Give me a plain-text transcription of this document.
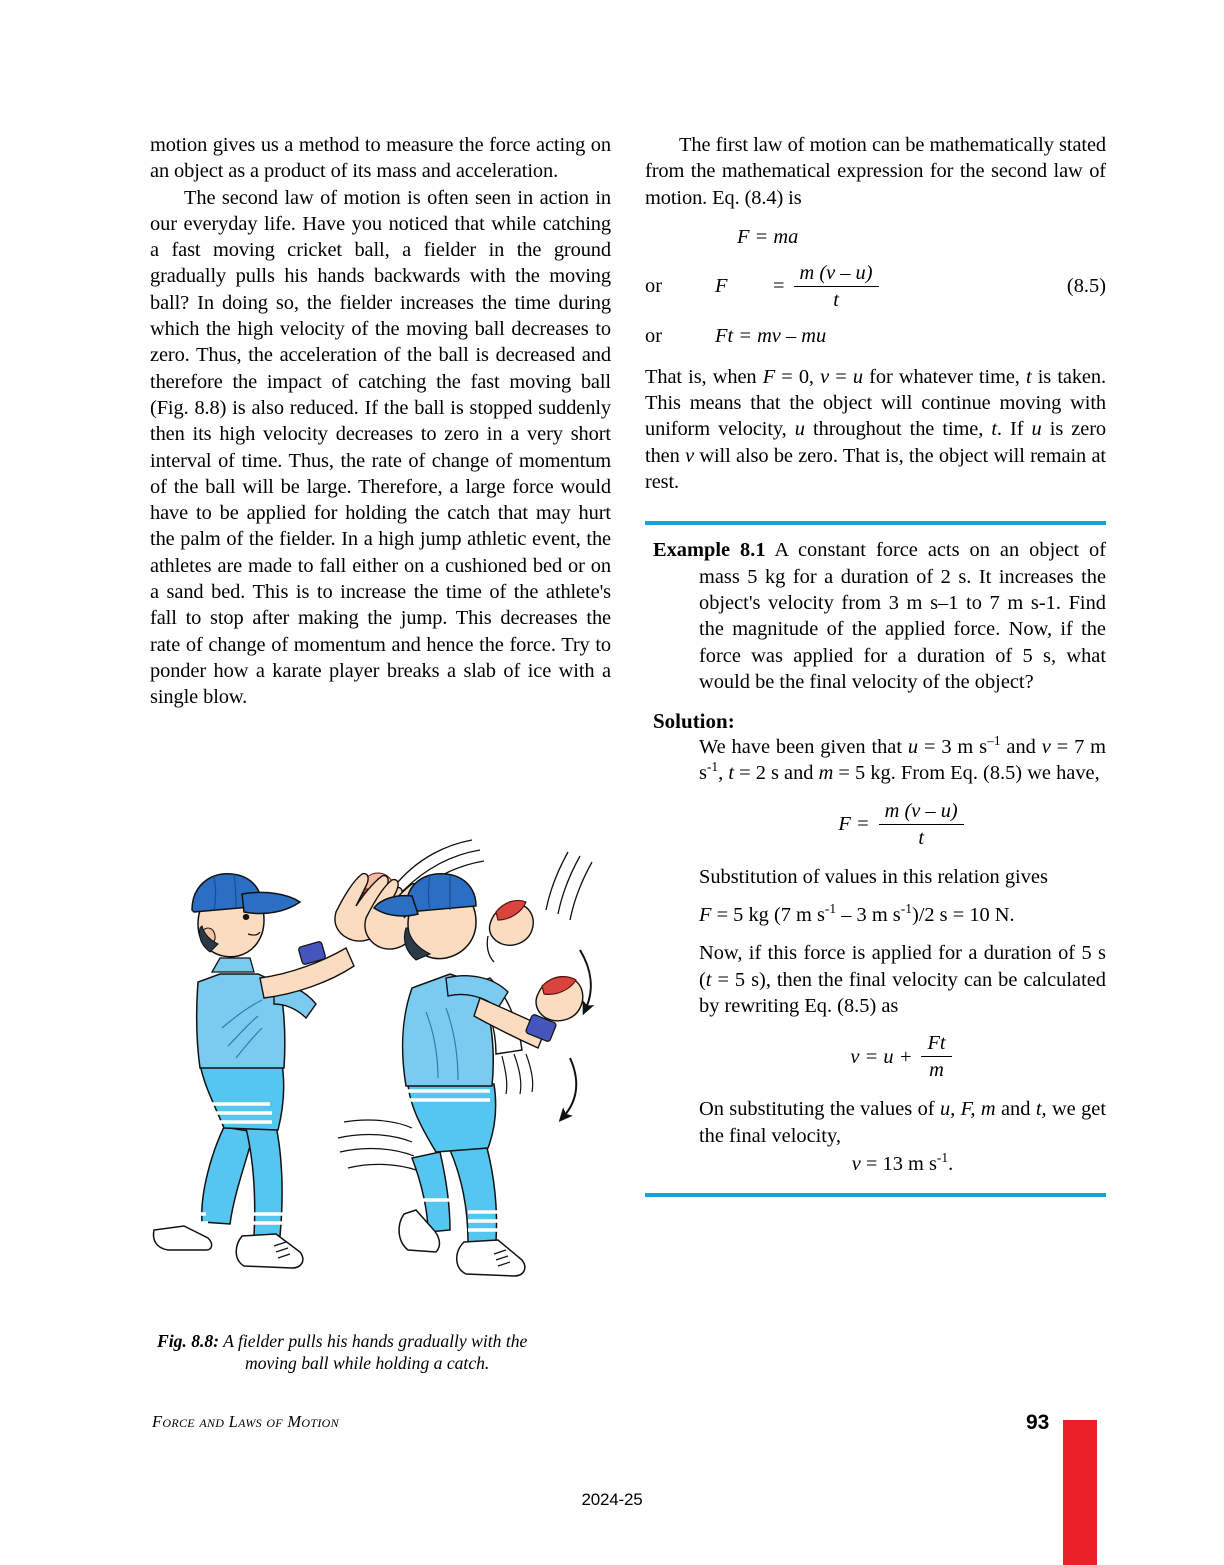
motion gives us a method to measure the force acting on an object as a product of its mass and acceleration.

The second law of motion is often seen in action in our everyday life. Have you noticed that while catching a fast moving cricket ball, a fielder in the ground gradually pulls his hands backwards with the moving ball? In doing so, the fielder increases the time during which the high velocity of the moving ball decreases to zero. Thus, the acceleration of the ball is decreased and therefore the impact of catching the fast moving ball (Fig. 8.8) is also reduced. If the ball is stopped suddenly then its high velocity decreases to zero in a very short interval of time. Thus, the rate of change of momentum of the ball will be large. Therefore, a large force would have to be applied for holding the catch that may hurt the palm of the fielder. In a high jump athletic event, the athletes are made to fall either on a cushioned bed or on a sand bed. This is to increase the time of the athlete's fall to stop after making the jump. This decreases the rate of change of momentum and hence the force. Try to ponder how a karate player breaks a slab of ice with a single blow.

The first law of motion can be mathematically stated from the mathematical expression for the second law of motion. Eq. (8.4) is

F = ma
or	F	= $\frac{m (v - u)}{t}$	(8.5)
or	Ft = mv – mu

That is, when F = 0, v = u for whatever time, t is taken. This means that the object will continue moving with uniform velocity, u throughout the time, t. If u is zero then v will also be zero. That is, the object will remain at rest.

Example 8.1 A constant force acts on an object of mass 5 kg for a duration of 2 s. It increases the object's velocity from 3 m s–1 to 7 m s-1. Find the magnitude of the applied force. Now, if the force was applied for a duration of 5 s, what would be the final velocity of the object?

Solution:

We have been given that u = 3 m $s^{-1}$ and v = 7 m $s^{-1}$, t = 2 s and m = 5 kg. From Eq. (8.5) we have,

$F = \frac{m (v - u)}{t}$

Substitution of values in this relation gives

F = 5 kg (7 m $s^{-1} - 3$ m $s^{-1})/2$ s = 10 N.

Now, if this force is applied for a duration of 5 s (t = 5 s), then the final velocity can be calculated by rewriting Eq. (8.5) as

$v = u + \frac{Ft}{m}$

On substituting the values of u, F, m and t, we get the final velocity,

v = 13 m $s^{-1}$.

Fig. 8.8: A fielder pulls his hands gradually with the
moving ball while holding a catch.
Force and Laws of Motion	93
2024-25
